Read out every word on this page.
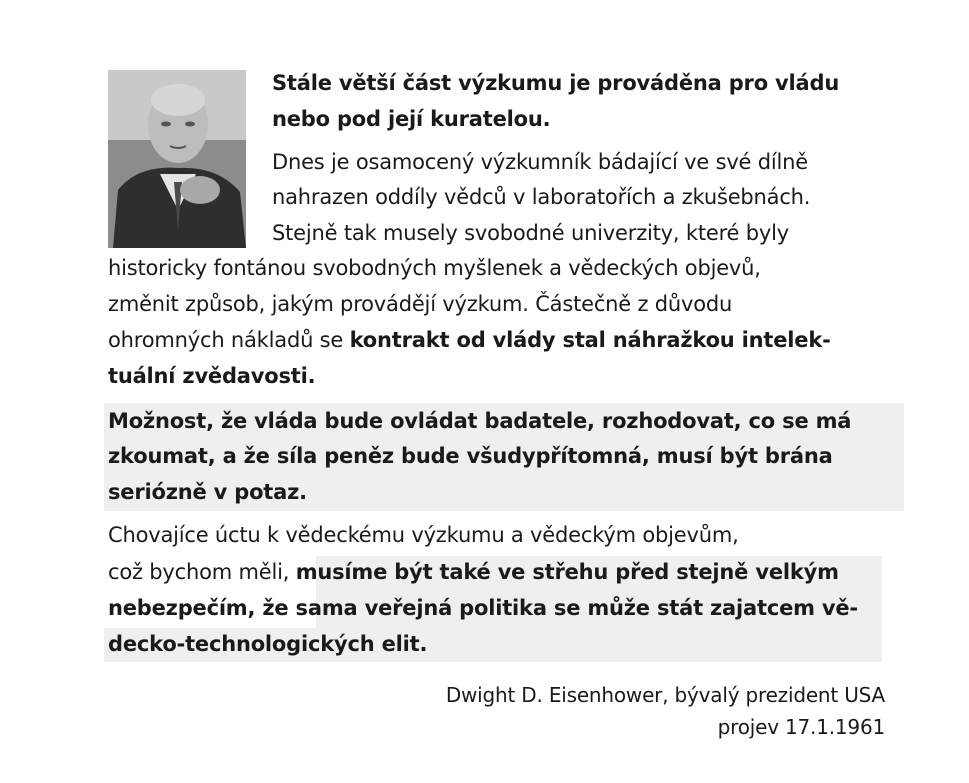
Stále větší část výzkumu je prováděna pro vládu
nebo pod její kuratelou.
Dnes je osamocený výzkumník bádající ve své dílně
nahrazen oddíly vědců v laboratořích a zkušebnách.
Stejně tak musely svobodné univerzity, které byly
historicky fontánou svobodných myšlenek a vědeckých objevů,
změnit způsob, jakým provádějí výzkum. Částečně z důvodu
ohromných nákladů se kontrakt od vlády stal náhražkou intelek-
tuální zvědavosti.
Možnost, že vláda bude ovládat badatele, rozhodovat, co se má
zkoumat, a že síla peněz bude všudypřítomná, musí být brána
seriózně v potaz.
Chovajíce úctu k vědeckému výzkumu a vědeckým objevům,
což bychom měli, musíme být také ve střehu před stejně velkým
nebezpečím, že sama veřejná politika se může stát zajatcem vě-
decko-technologických elit.
Dwight D. Eisenhower, bývalý prezident USA
projev 17.1.1961
